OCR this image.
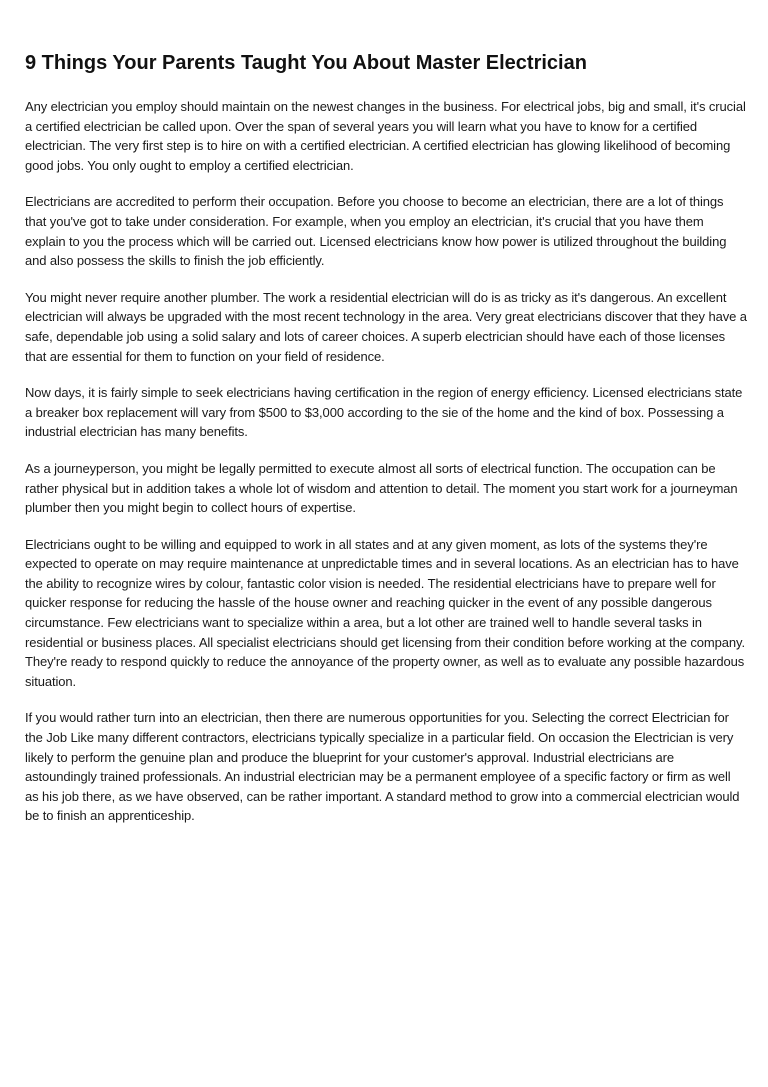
9 Things Your Parents Taught You About Master Electrician

Any electrician you employ should maintain on the newest changes in the business. For electrical jobs, big and small, it's crucial a certified electrician be called upon. Over the span of several years you will learn what you have to know for a certified electrician. The very first step is to hire on with a certified electrician. A certified electrician has glowing likelihood of becoming good jobs. You only ought to employ a certified electrician.

Electricians are accredited to perform their occupation. Before you choose to become an electrician, there are a lot of things that you've got to take under consideration. For example, when you employ an electrician, it's crucial that you have them explain to you the process which will be carried out. Licensed electricians know how power is utilized throughout the building and also possess the skills to finish the job efficiently.

You might never require another plumber. The work a residential electrician will do is as tricky as it's dangerous. An excellent electrician will always be upgraded with the most recent technology in the area. Very great electricians discover that they have a safe, dependable job using a solid salary and lots of career choices. A superb electrician should have each of those licenses that are essential for them to function on your field of residence.

Now days, it is fairly simple to seek electricians having certification in the region of energy efficiency. Licensed electricians state a breaker box replacement will vary from $500 to $3,000 according to the sie of the home and the kind of box. Possessing a industrial electrician has many benefits.

As a journeyperson, you might be legally permitted to execute almost all sorts of electrical function. The occupation can be rather physical but in addition takes a whole lot of wisdom and attention to detail. The moment you start work for a journeyman plumber then you might begin to collect hours of expertise.

Electricians ought to be willing and equipped to work in all states and at any given moment, as lots of the systems they're expected to operate on may require maintenance at unpredictable times and in several locations. As an electrician has to have the ability to recognize wires by colour, fantastic color vision is needed. The residential electricians have to prepare well for quicker response for reducing the hassle of the house owner and reaching quicker in the event of any possible dangerous circumstance. Few electricians want to specialize within a area, but a lot other are trained well to handle several tasks in residential or business places. All specialist electricians should get licensing from their condition before working at the company. They're ready to respond quickly to reduce the annoyance of the property owner, as well as to evaluate any possible hazardous situation.

If you would rather turn into an electrician, then there are numerous opportunities for you. Selecting the correct Electrician for the Job Like many different contractors, electricians typically specialize in a particular field. On occasion the Electrician is very likely to perform the genuine plan and produce the blueprint for your customer's approval. Industrial electricians are astoundingly trained professionals. An industrial electrician may be a permanent employee of a specific factory or firm as well as his job there, as we have observed, can be rather important. A standard method to grow into a commercial electrician would be to finish an apprenticeship.
